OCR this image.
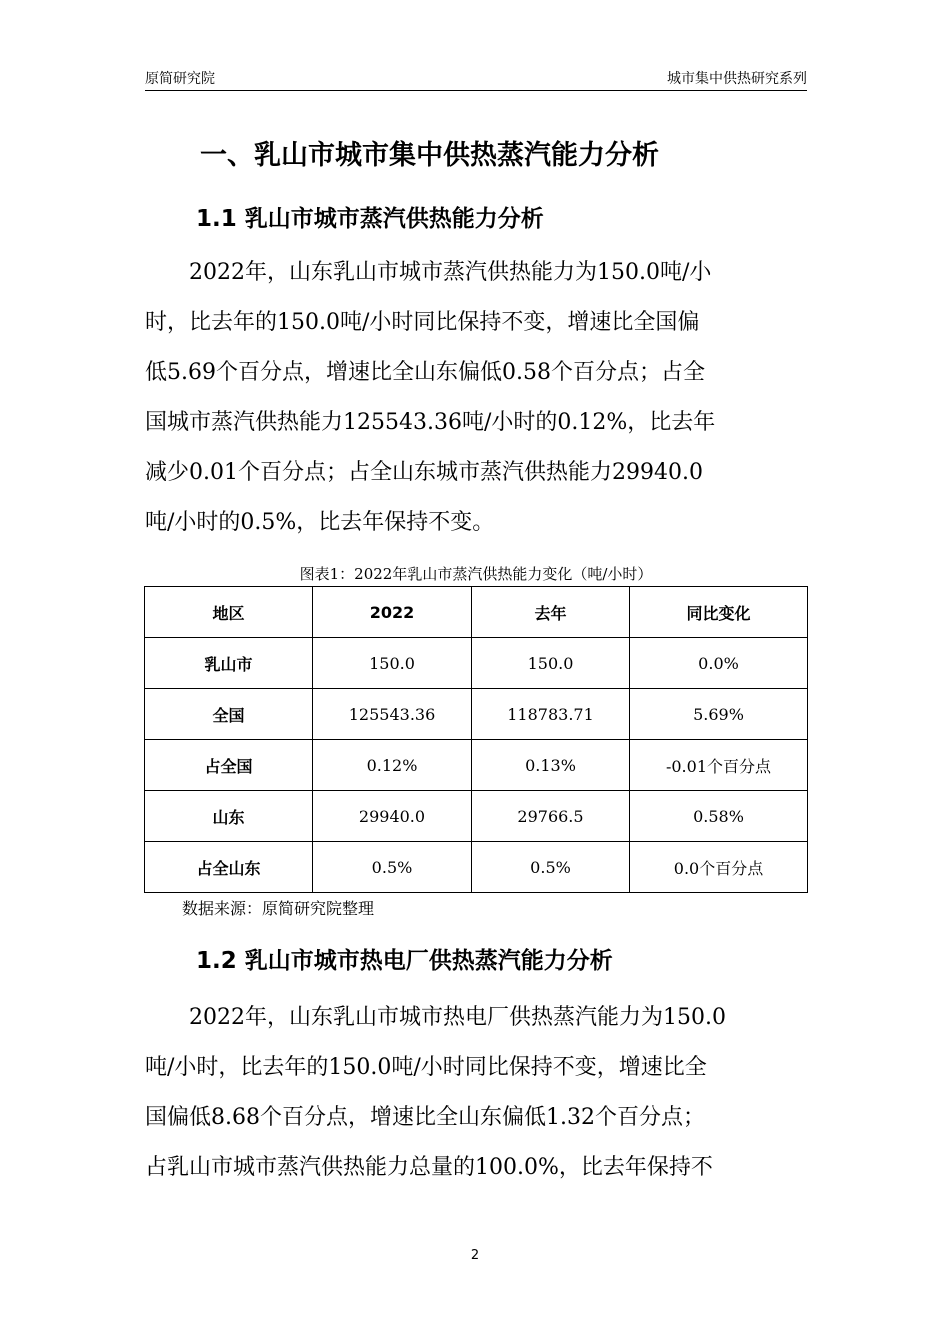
原简研究院	城市集中供热研究系列
一、乳山市城市集中供热蒸汽能力分析
1.1 乳山市城市蒸汽供热能力分析
　　2022年，山东乳山市城市蒸汽供热能力为150.0吨/小
时，比去年的150.0吨/小时同比保持不变，增速比全国偏
低5.69个百分点，增速比全山东偏低0.58个百分点；占全
国城市蒸汽供热能力125543.36吨/小时的0.12%，比去年
减少0.01个百分点；占全山东城市蒸汽供热能力29940.0
吨/小时的0.5%，比去年保持不变。
图表1：2022年乳山市蒸汽供热能力变化（吨/小时）
地区	2022	去年	同比变化
乳山市	150.0	150.0	0.0%
全国	125543.36	118783.71	5.69%
占全国	0.12%	0.13%	-0.01个百分点
山东	29940.0	29766.5	0.58%
占全山东	0.5%	0.5%	0.0个百分点
数据来源：原简研究院整理
1.2 乳山市城市热电厂供热蒸汽能力分析
　　2022年，山东乳山市城市热电厂供热蒸汽能力为150.0
吨/小时，比去年的150.0吨/小时同比保持不变，增速比全
国偏低8.68个百分点，增速比全山东偏低1.32个百分点；
占乳山市城市蒸汽供热能力总量的100.0%，比去年保持不
2
